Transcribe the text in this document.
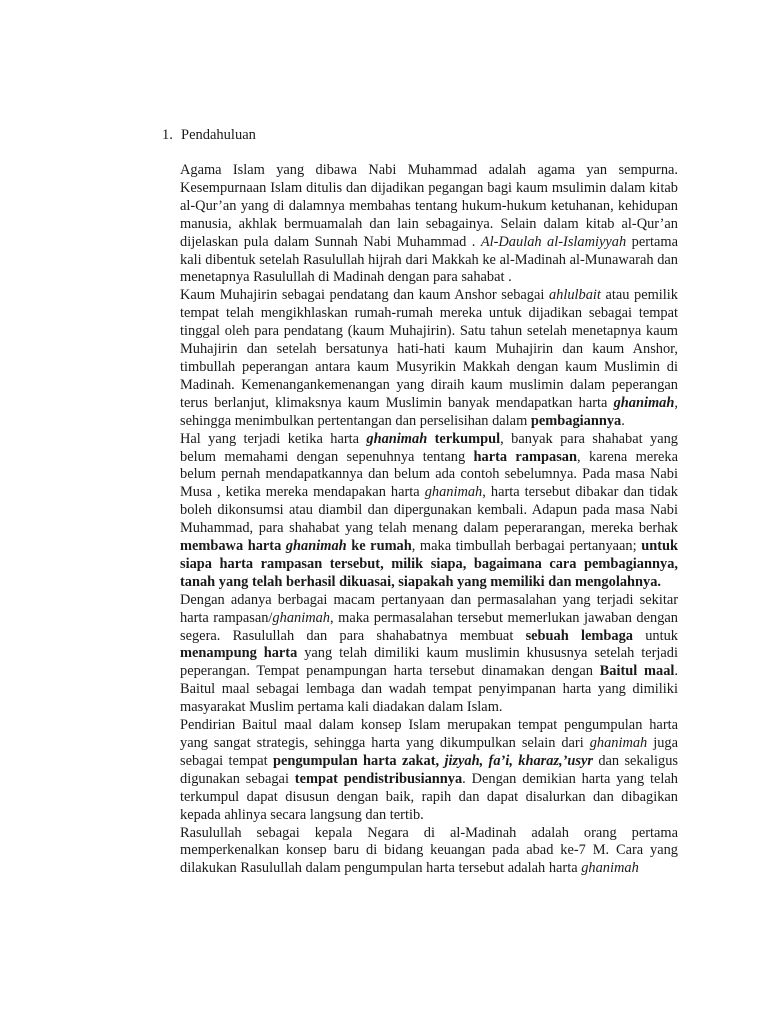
1. Pendahuluan

Agama Islam yang dibawa Nabi Muhammad adalah agama yan sempurna. Kesempurnaan Islam ditulis dan dijadikan pegangan bagi kaum msulimin dalam kitab al-Qur’an yang di dalamnya membahas tentang hukum-hukum ketuhanan, kehidupan manusia, akhlak bermuamalah dan lain sebagainya. Selain dalam kitab al-Qur’an dijelaskan pula dalam Sunnah Nabi Muhammad . Al-Daulah al-Islamiyyah pertama kali dibentuk setelah Rasulullah hijrah dari Makkah ke al-Madinah al-Munawarah dan menetapnya Rasulullah di Madinah dengan para sahabat .

Kaum Muhajirin sebagai pendatang dan kaum Anshor sebagai ahlulbait atau pemilik tempat telah mengikhlaskan rumah-rumah mereka untuk dijadikan sebagai tempat tinggal oleh para pendatang (kaum Muhajirin). Satu tahun setelah menetapnya kaum Muhajirin dan setelah bersatunya hati-hati kaum Muhajirin dan kaum Anshor, timbullah peperangan antara kaum Musyrikin Makkah dengan kaum Muslimin di Madinah. Kemenangankemenangan yang diraih kaum muslimin dalam peperangan terus berlanjut, klimaksnya kaum Muslimin banyak mendapatkan harta ghanimah, sehingga menimbulkan pertentangan dan perselisihan dalam pembagiannya.

Hal yang terjadi ketika harta ghanimah terkumpul, banyak para shahabat yang belum memahami dengan sepenuhnya tentang harta rampasan, karena mereka belum pernah mendapatkannya dan belum ada contoh sebelumnya. Pada masa Nabi Musa , ketika mereka mendapakan harta ghanimah, harta tersebut dibakar dan tidak boleh dikonsumsi atau diambil dan dipergunakan kembali. Adapun pada masa Nabi Muhammad, para shahabat yang telah menang dalam peperarangan, mereka berhak membawa harta ghanimah ke rumah, maka timbullah berbagai pertanyaan; untuk siapa harta rampasan tersebut, milik siapa, bagaimana cara pembagiannya, tanah yang telah berhasil dikuasai, siapakah yang memiliki dan mengolahnya.

Dengan adanya berbagai macam pertanyaan dan permasalahan yang terjadi sekitar harta rampasan/ghanimah, maka permasalahan tersebut memerlukan jawaban dengan segera. Rasulullah dan para shahabatnya membuat sebuah lembaga untuk menampung harta yang telah dimiliki kaum muslimin khususnya setelah terjadi peperangan. Tempat penampungan harta tersebut dinamakan dengan Baitul maal. Baitul maal sebagai lembaga dan wadah tempat penyimpanan harta yang dimiliki masyarakat Muslim pertama kali diadakan dalam Islam.

Pendirian Baitul maal dalam konsep Islam merupakan tempat pengumpulan harta yang sangat strategis, sehingga harta yang dikumpulkan selain dari ghanimah juga sebagai tempat pengumpulan harta zakat, jizyah, fa’i, kharaz,’usyr dan sekaligus digunakan sebagai tempat pendistribusiannya. Dengan demikian harta yang telah terkumpul dapat disusun dengan baik, rapih dan dapat disalurkan dan dibagikan kepada ahlinya secara langsung dan tertib.

Rasulullah sebagai kepala Negara di al-Madinah adalah orang pertama memperkenalkan konsep baru di bidang keuangan pada abad ke-7 M. Cara yang dilakukan Rasulullah dalam pengumpulan harta tersebut adalah harta ghanimah
